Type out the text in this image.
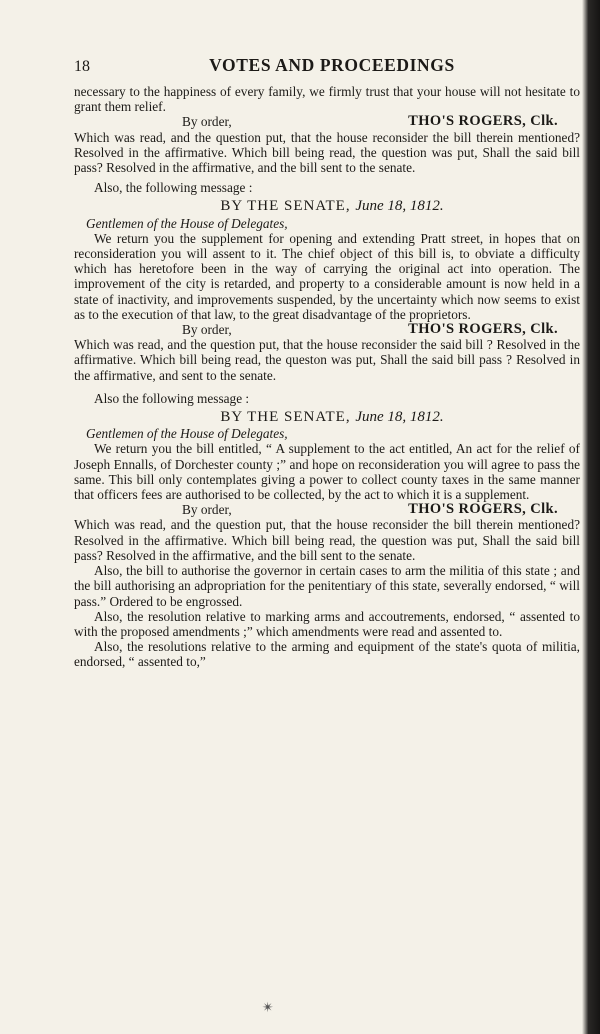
18	VOTES AND PROCEEDINGS

necessary to the happiness of every family, we firmly trust that your house will not hesitate to grant them relief.

By order,	THO'S ROGERS, Clk.

Which was read, and the question put, that the house reconsider the bill therein mentioned? Resolved in the affirmative. Which bill being read, the question was put, Shall the said bill pass? Resolved in the affirmative, and the bill sent to the senate.

Also, the following message :

BY THE SENATE, June 18, 1812.

Gentlemen of the House of Delegates,

We return you the supplement for opening and extending Pratt street, in hopes that on reconsideration you will assent to it. The chief object of this bill is, to obviate a difficulty which has heretofore been in the way of carrying the original act into operation. The improvement of the city is retarded, and property to a considerable amount is now held in a state of inactivity, and improvements suspended, by the uncertainty which now seems to exist as to the execution of that law, to the great disadvantage of the proprietors.

By order,	THO'S ROGERS, Clk.

Which was read, and the question put, that the house reconsider the said bill ? Resolved in the affirmative. Which bill being read, the queston was put, Shall the said bill pass ? Resolved in the affirmative, and sent to the senate.

Also the following message :

BY THE SENATE, June 18, 1812.

Gentlemen of the House of Delegates,

We return you the bill entitled, “ A supplement to the act entitled, An act for the relief of Joseph Ennalls, of Dorchester county ;” and hope on reconsideration you will agree to pass the same. This bill only contemplates giving a power to collect county taxes in the same manner that officers fees are authorised to be collected, by the act to which it is a supplement.

By order,	THO'S ROGERS, Clk.

Which was read, and the question put, that the house reconsider the bill therein mentioned? Resolved in the affirmative. Which bill being read, the question was put, Shall the said bill pass? Resolved in the affirmative, and the bill sent to the senate.

Also, the bill to authorise the governor in certain cases to arm the militia of this state ; and the bill authorising an adpropriation for the penitentiary of this state, severally endorsed, “ will pass.” Ordered to be engrossed.

Also, the resolution relative to marking arms and accoutrements, endorsed, “ assented to with the proposed amendments ;” which amendments were read and assented to.

Also, the resolutions relative to the arming and equipment of the state's quota of militia, endorsed, “ assented to,”

✴
